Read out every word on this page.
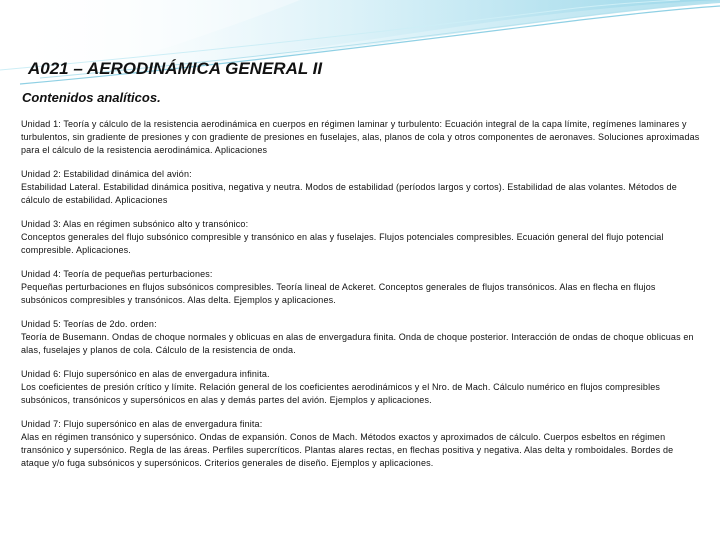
A021 – AERODINÁMICA GENERAL II
Contenidos analíticos.
Unidad 1: Teoría y cálculo de la resistencia aerodinámica en cuerpos en régimen laminar y turbulento: Ecuación integral de la capa límite, regímenes laminares y turbulentos, sin gradiente de presiones y con gradiente de presiones en fuselajes, alas, planos de cola y otros componentes de aeronaves. Soluciones aproximadas para el cálculo de la resistencia aerodinámica. Aplicaciones
Unidad 2: Estabilidad dinámica del avión:
Estabilidad Lateral. Estabilidad dinámica positiva, negativa y neutra. Modos de estabilidad (períodos largos y cortos). Estabilidad de alas volantes. Métodos de cálculo de estabilidad. Aplicaciones
Unidad 3: Alas en régimen subsónico alto y transónico:
Conceptos generales del flujo subsónico compresible y transónico en alas y fuselajes. Flujos potenciales compresibles. Ecuación general del flujo potencial compresible. Aplicaciones.
Unidad 4: Teoría de pequeñas perturbaciones:
Pequeñas perturbaciones en flujos subsónicos compresibles. Teoría lineal de Ackeret. Conceptos generales de flujos transónicos. Alas en flecha en flujos subsónicos compresibles y transónicos. Alas delta. Ejemplos y aplicaciones.
Unidad 5: Teorías de 2do. orden:
Teoría de Busemann. Ondas de choque normales y oblicuas en alas de envergadura finita. Onda de choque posterior. Interacción de ondas de choque oblicuas en alas, fuselajes y planos de cola. Cálculo de la resistencia de onda.
Unidad 6: Flujo supersónico en alas de envergadura infinita.
Los coeficientes de presión crítico y límite. Relación general de los coeficientes aerodinámicos y el Nro. de Mach. Cálculo numérico en flujos compresibles subsónicos, transónicos y supersónicos en alas y demás partes del avión. Ejemplos y aplicaciones.
Unidad 7: Flujo supersónico en alas de envergadura finita:
Alas en régimen transónico y supersónico. Ondas de expansión. Conos de Mach. Métodos exactos y aproximados de cálculo. Cuerpos esbeltos en régimen transónico y supersónico. Regla de las áreas. Perfiles supercríticos. Plantas alares rectas, en flechas positiva y negativa. Alas delta y romboidales. Bordes de ataque y/o fuga subsónicos y supersónicos. Criterios generales de diseño. Ejemplos y aplicaciones.
